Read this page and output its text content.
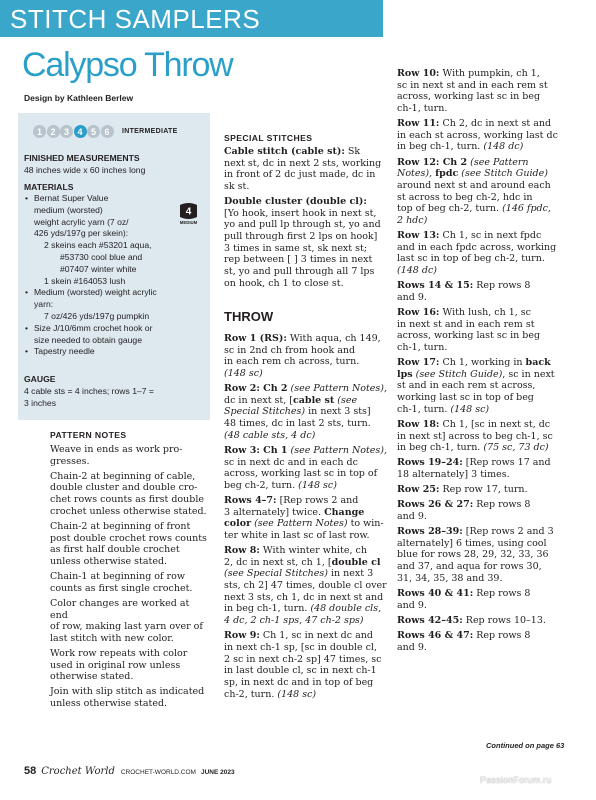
STITCH SAMPLERS
Calypso Throw
Design by Kathleen Berlew
1 2 3 4 5 6	INTERMEDIATE
FINISHED MEASUREMENTS
48 inches wide x 60 inches long
MATERIALS
4
MEDIUM
• Bernat Super Value
medium (worsted)
weight acrylic yarn (7 oz/
426 yds/197g per skein):
2 skeins each #53201 aqua,
#53730 cool blue and
#07407 winter white
1 skein #164053 lush
• Medium (worsted) weight acrylic
yarn:
7 oz/426 yds/197g pumpkin
• Size J/10/6mm crochet hook or
size needed to obtain gauge
• Tapestry needle
GAUGE
4 cable sts = 4 inches; rows 1–7 =
3 inches
PATTERN NOTES

Weave in ends as work pro-
gresses.

Chain-2 at beginning of cable,
double cluster and double cro-
chet rows counts as first double
crochet unless otherwise stated.

Chain-2 at beginning of front
post double crochet rows counts
as first half double crochet
unless otherwise stated.

Chain-1 at beginning of row
counts as first single crochet.

Color changes are worked at end
of row, making last yarn over of
last stitch with new color.

Work row repeats with color
used in original row unless
otherwise stated.

Join with slip stitch as indicated
unless otherwise stated.

SPECIAL STITCHES

Cable stitch (cable st): Sk
next st, dc in next 2 sts, working
in front of 2 dc just made, dc in
sk st.

Double cluster (double cl):
[Yo hook, insert hook in next st,
yo and pull lp through st, yo and
pull through first 2 lps on hook]
3 times in same st, sk next st;
rep between [ ] 3 times in next
st, yo and pull through all 7 lps
on hook, ch 1 to close st.

THROW

Row 1 (RS): With aqua, ch 149,
sc in 2nd ch from hook and
in each rem ch across, turn.
(148 sc)

Row 2: Ch 2 (see Pattern Notes),
dc in next st, [cable st (see
Special Stitches) in next 3 sts]
48 times, dc in last 2 sts, turn.
(48 cable sts, 4 dc)

Row 3: Ch 1 (see Pattern Notes),
sc in next dc and in each dc
across, working last sc in top of
beg ch-2, turn. (148 sc)

Rows 4–7: [Rep rows 2 and
3 alternately] twice. Change
color (see Pattern Notes) to win-
ter white in last sc of last row.

Row 8: With winter white, ch
2, dc in next st, ch 1, [double cl
(see Special Stitches) in next 3
sts, ch 2] 47 times, double cl over
next 3 sts, ch 1, dc in next st and
in beg ch-1, turn. (48 double cls,
4 dc, 2 ch-1 sps, 47 ch-2 sps)

Row 9: Ch 1, sc in next dc and
in next ch-1 sp, [sc in double cl,
2 sc in next ch-2 sp] 47 times, sc
in last double cl, sc in next ch-1
sp, in next dc and in top of beg
ch-2, turn. (148 sc)

Row 10: With pumpkin, ch 1,
sc in next st and in each rem st
across, working last sc in beg
ch-1, turn.

Row 11: Ch 2, dc in next st and
in each st across, working last dc
in beg ch-1, turn. (148 dc)

Row 12: Ch 2 (see Pattern
Notes), fpdc (see Stitch Guide)
around next st and around each
st across to beg ch-2, hdc in
top of beg ch-2, turn. (146 fpdc,
2 hdc)

Row 13: Ch 1, sc in next fpdc
and in each fpdc across, working
last sc in top of beg ch-2, turn.
(148 dc)

Rows 14 & 15: Rep rows 8
and 9.

Row 16: With lush, ch 1, sc
in next st and in each rem st
across, working last sc in beg
ch-1, turn.

Row 17: Ch 1, working in back
lps (see Stitch Guide), sc in next
st and in each rem st across,
working last sc in top of beg
ch-1, turn. (148 sc)

Row 18: Ch 1, [sc in next st, dc
in next st] across to beg ch-1, sc
in beg ch-1, turn. (75 sc, 73 dc)

Rows 19–24: [Rep rows 17 and
18 alternately] 3 times.

Row 25: Rep row 17, turn.

Rows 26 & 27: Rep rows 8
and 9.

Rows 28–39: [Rep rows 2 and 3
alternately] 6 times, using cool
blue for rows 28, 29, 32, 33, 36
and 37, and aqua for rows 30,
31, 34, 35, 38 and 39.

Rows 40 & 41: Rep rows 8
and 9.

Rows 42–45: Rep rows 10–13.

Rows 46 & 47: Rep rows 8
and 9.

Continued on page 63
58 Crochet World CROCHET-WORLD.COM JUNE 2023
PassionForum.ru
